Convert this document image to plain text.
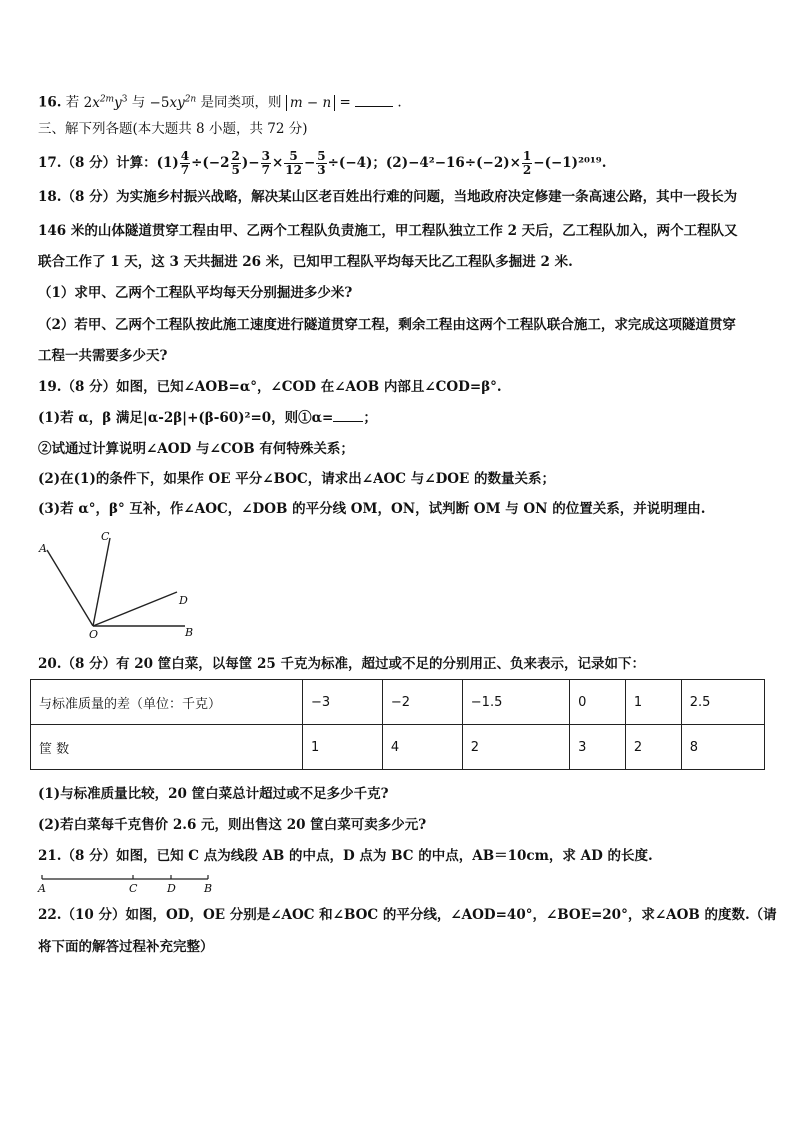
16. 若 $2x^{2m}y^3$ 与 $-5xy^{2n}$ 是同类项，则 m − n =	.
三、解下列各题(本大题共 8 小题，共 72 分)
17.（8 分）计算：$(1) \frac{4}{7} \div(-2 \frac{2}{5}$ )− $\frac{3}{7} \times \frac{5}{12} - \frac{5}{3} \div(-4)$；$(2)-4^2-16\div(-2)\times \frac{1}{2} -(-1)^{2019}$.
18.（8 分）为实施乡村振兴战略，解决某山区老百姓出行难的问题，当地政府决定修建一条高速公路，其中一段长为
146 米的山体隧道贯穿工程由甲、乙两个工程队负责施工，甲工程队独立工作 2 天后，乙工程队加入，两个工程队又
联合工作了 1 天，这 3 天共掘进 26 米，已知甲工程队平均每天比乙工程队多掘进 2 米.
（1）求甲、乙两个工程队平均每天分别掘进多少米?
（2）若甲、乙两个工程队按此施工速度进行隧道贯穿工程，剩余工程由这两个工程队联合施工，求完成这项隧道贯穿
工程一共需要多少天?
19.（8 分）如图，已知∠AOB=α°，∠COD 在∠AOB 内部且∠COD=β°.
(1)若 α，β 满足|α-2β|+(β-60)²=0，则①α= ；
②试通过计算说明∠AOD 与∠COB 有何特殊关系；
(2)在(1)的条件下，如果作 OE 平分∠BOC，请求出∠AOC 与∠DOE 的数量关系；
(3)若 α°，β° 互补，作∠AOC，∠DOB 的平分线 OM，ON，试判断 OM 与 ON 的位置关系，并说明理由.
A
C
D
O	B
20.（8 分）有 20 筐白菜，以每筐 25 千克为标准，超过或不足的分别用正、负来表示，记录如下：
与标准质量的差（单位：千克）	−3	−2	−1.5	0	1	2.5
筐 数	1	4	2	3	2	8
(1)与标准质量比较，20 筐白菜总计超过或不足多少千克?
(2)若白菜每千克售价 2.6 元，则出售这 20 筐白菜可卖多少元?
21.（8 分）如图，已知 C 点为线段 AB 的中点，D 点为 BC 的中点，AB＝10cm，求 AD 的长度.
A	C	D	B
22.（10 分）如图，OD，OE 分别是∠AOC 和∠BOC 的平分线，∠AOD=40°，∠BOE=20°，求∠AOB 的度数.（请
将下面的解答过程补充完整）
